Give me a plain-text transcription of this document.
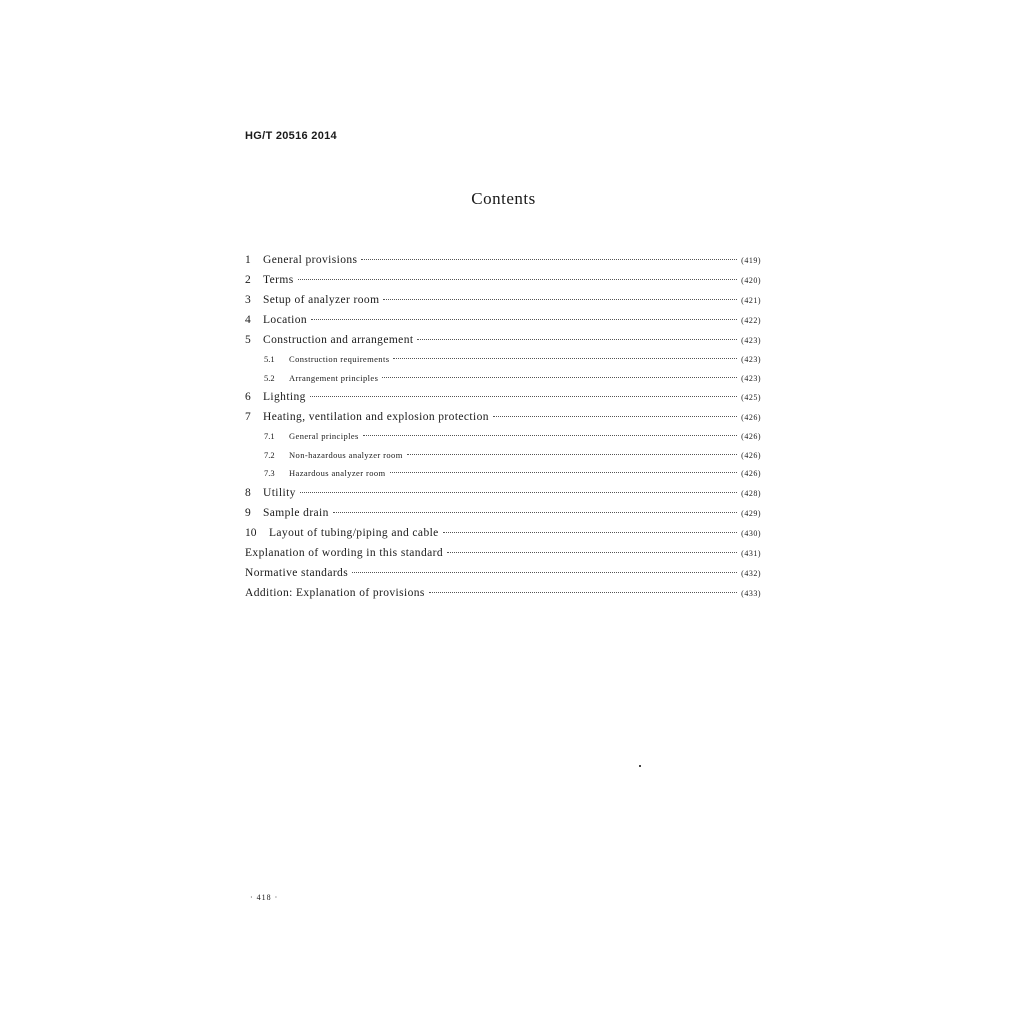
HG/T 20516 2014
Contents
1	General provisions	(419)
2	Terms	(420)
3	Setup of analyzer room	(421)
4	Location	(422)
5	Construction and arrangement	(423)
5.1	Construction requirements	(423)
5.2	Arrangement principles	(423)
6	Lighting	(425)
7	Heating, ventilation and explosion protection	(426)
7.1	General principles	(426)
7.2	Non-hazardous analyzer room	(426)
7.3	Hazardous analyzer room	(426)
8	Utility	(428)
9	Sample drain	(429)
10	Layout of tubing/piping and cable	(430)
Explanation of wording in this standard	(431)
Normative standards	(432)
Addition: Explanation of provisions	(433)
· 418 ·
